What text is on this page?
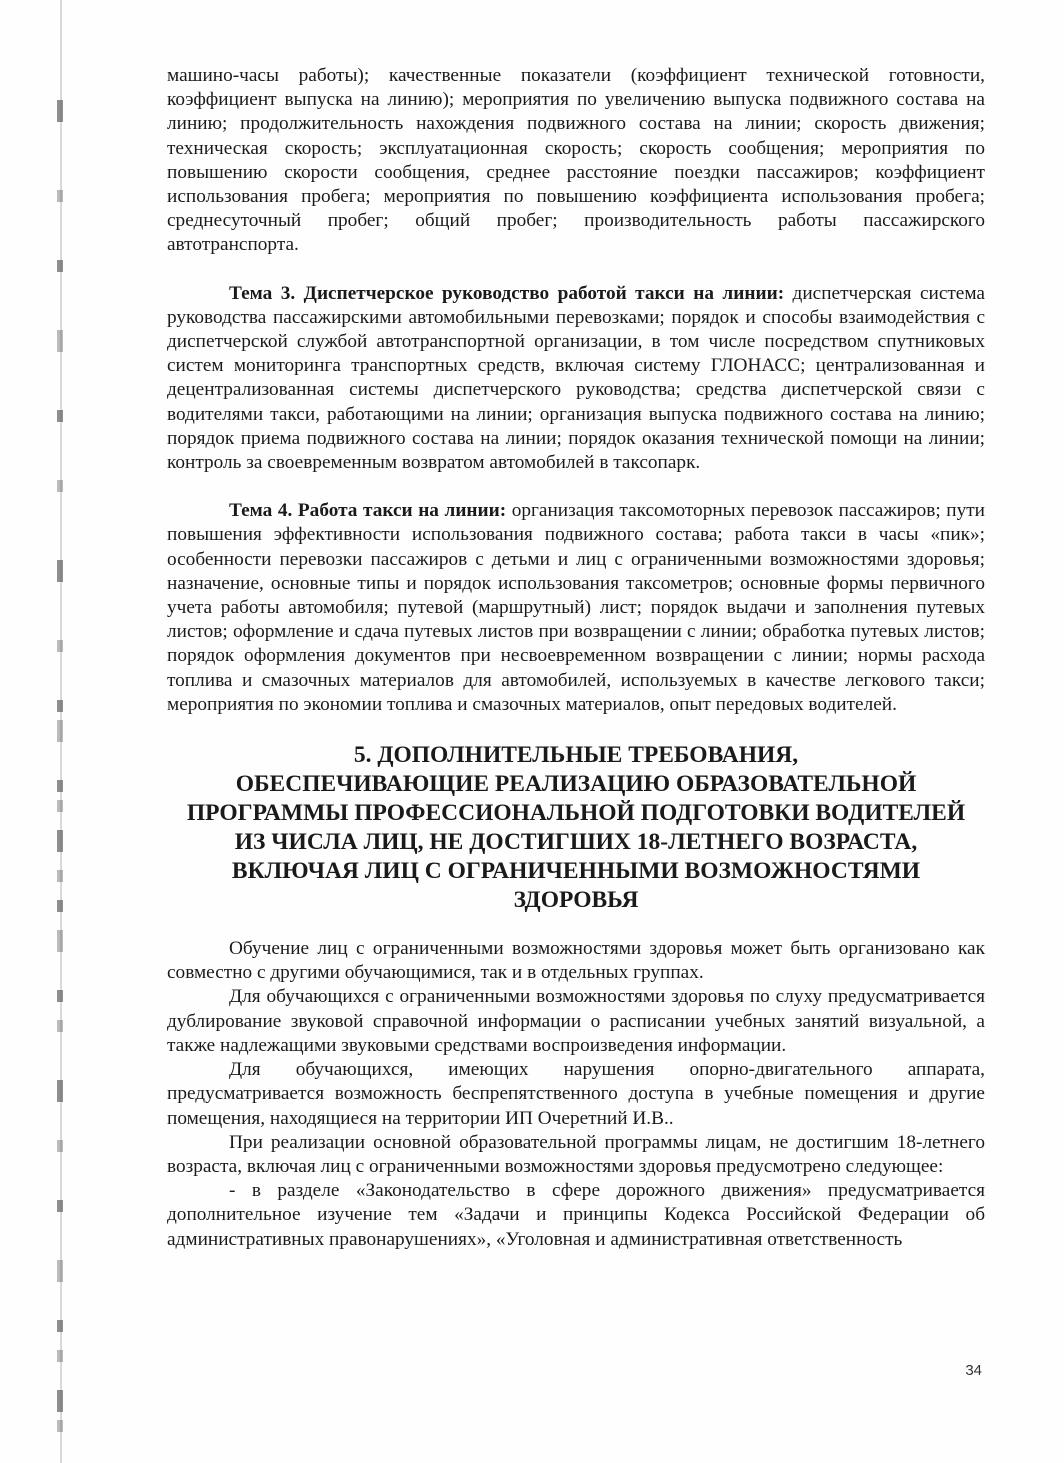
машино-часы работы); качественные показатели (коэффициент технической готовности, коэффициент выпуска на линию); мероприятия по увеличению выпуска подвижного состава на линию; продолжительность нахождения подвижного состава на линии; скорость движения; техническая скорость; эксплуатационная скорость; скорость сообщения; мероприятия по повышению скорости сообщения, среднее расстояние поездки пассажиров; коэффициент использования пробега; мероприятия по повышению коэффициента использования пробега; среднесуточный пробег; общий пробег; производительность работы пассажирского автотранспорта.

Тема 3. Диспетчерское руководство работой такси на линии: диспетчерская система руководства пассажирскими автомобильными перевозками; порядок и способы взаимодействия с диспетчерской службой автотранспортной организации, в том числе посредством спутниковых систем мониторинга транспортных средств, включая систему ГЛОНАСС; централизованная и децентрализованная системы диспетчерского руководства; средства диспетчерской связи с водителями такси, работающими на линии; организация выпуска подвижного состава на линию; порядок приема подвижного состава на линии; порядок оказания технической помощи на линии; контроль за своевременным возвратом автомобилей в таксопарк.

Тема 4. Работа такси на линии: организация таксомоторных перевозок пассажиров; пути повышения эффективности использования подвижного состава; работа такси в часы «пик»; особенности перевозки пассажиров с детьми и лиц с ограниченными возможностями здоровья; назначение, основные типы и порядок использования таксометров; основные формы первичного учета работы автомобиля; путевой (маршрутный) лист; порядок выдачи и заполнения путевых листов; оформление и сдача путевых листов при возвращении с линии; обработка путевых листов; порядок оформления документов при несвоевременном возвращении с линии; нормы расхода топлива и смазочных материалов для автомобилей, используемых в качестве легкового такси; мероприятия по экономии топлива и смазочных материалов, опыт передовых водителей.

5. ДОПОЛНИТЕЛЬНЫЕ ТРЕБОВАНИЯ,
ОБЕСПЕЧИВАЮЩИЕ РЕАЛИЗАЦИЮ ОБРАЗОВАТЕЛЬНОЙ
ПРОГРАММЫ ПРОФЕССИОНАЛЬНОЙ ПОДГОТОВКИ ВОДИТЕЛЕЙ
ИЗ ЧИСЛА ЛИЦ, НЕ ДОСТИГШИХ 18-ЛЕТНЕГО ВОЗРАСТА,
ВКЛЮЧАЯ ЛИЦ С ОГРАНИЧЕННЫМИ ВОЗМОЖНОСТЯМИ
ЗДОРОВЬЯ

Обучение лиц с ограниченными возможностями здоровья может быть организовано как совместно с другими обучающимися, так и в отдельных группах.

Для обучающихся с ограниченными возможностями здоровья по слуху предусматривается дублирование звуковой справочной информации о расписании учебных занятий визуальной, а также надлежащими звуковыми средствами воспроизведения информации.

Для обучающихся, имеющих нарушения опорно-двигательного аппарата, предусматривается возможность беспрепятственного доступа в учебные помещения и другие помещения, находящиеся на территории ИП Очеретний И.В..

При реализации основной образовательной программы лицам, не достигшим 18-летнего возраста, включая лиц с ограниченными возможностями здоровья предусмотрено следующее:

- в разделе «Законодательство в сфере дорожного движения» предусматривается дополнительное изучение тем «Задачи и принципы Кодекса Российской Федерации об административных правонарушениях», «Уголовная и административная ответственность

34
